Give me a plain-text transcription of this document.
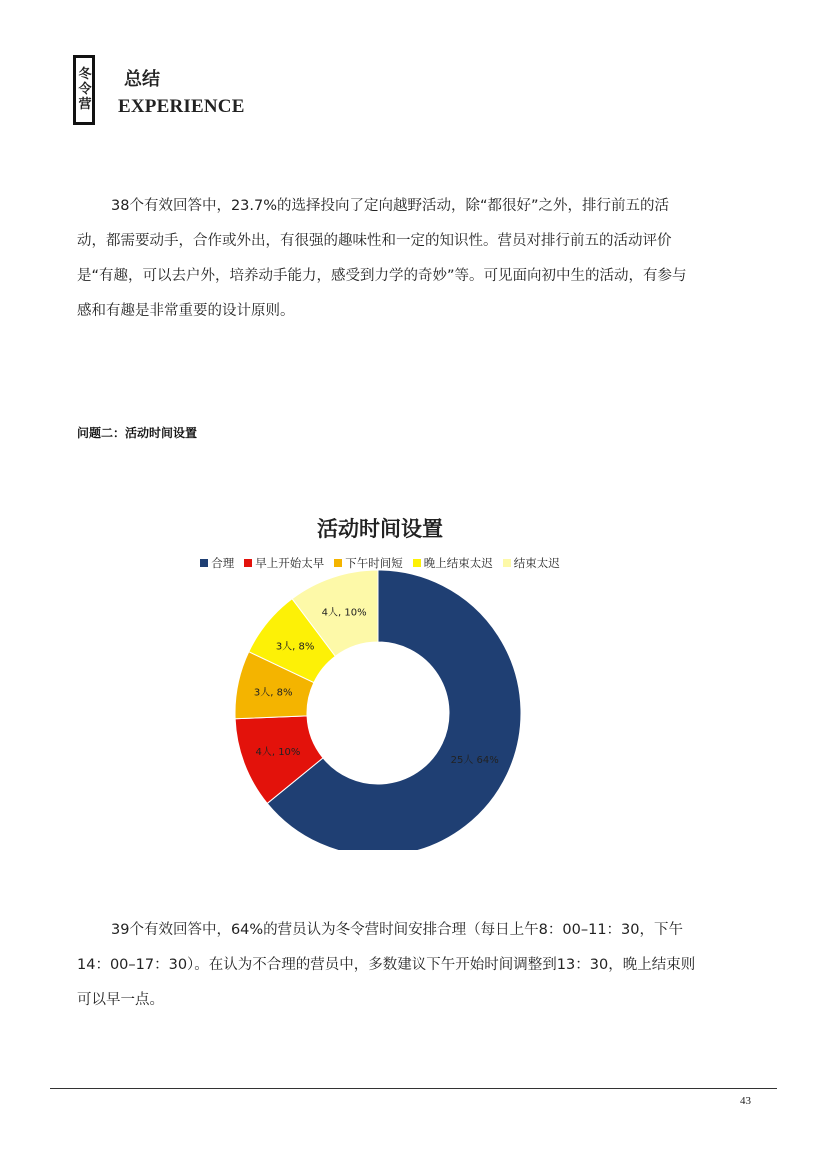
冬
令
营
总结
EXPERIENCE

38个有效回答中，23.7%的选择投向了定向越野活动，除“都很好”之外，排行前五的活动，都需要动手，合作或外出，有很强的趣味性和一定的知识性。营员对排行前五的活动评价是“有趣，可以去户外，培养动手能力，感受到力学的奇妙”等。可见面向初中生的活动，有参与感和有趣是非常重要的设计原则。

问题二：活动时间设置
活动时间设置
合理 早上开始太早 下午时间短 晚上结束太迟 结束太迟
25人 64%
4人, 10%
3人, 8%
3人, 8%
4人, 10%

39个有效回答中，64%的营员认为冬令营时间安排合理（每日上午8：00–11：30，下午14：00–17：30）。在认为不合理的营员中，多数建议下午开始时间调整到13：30，晚上结束则可以早一点。

43
